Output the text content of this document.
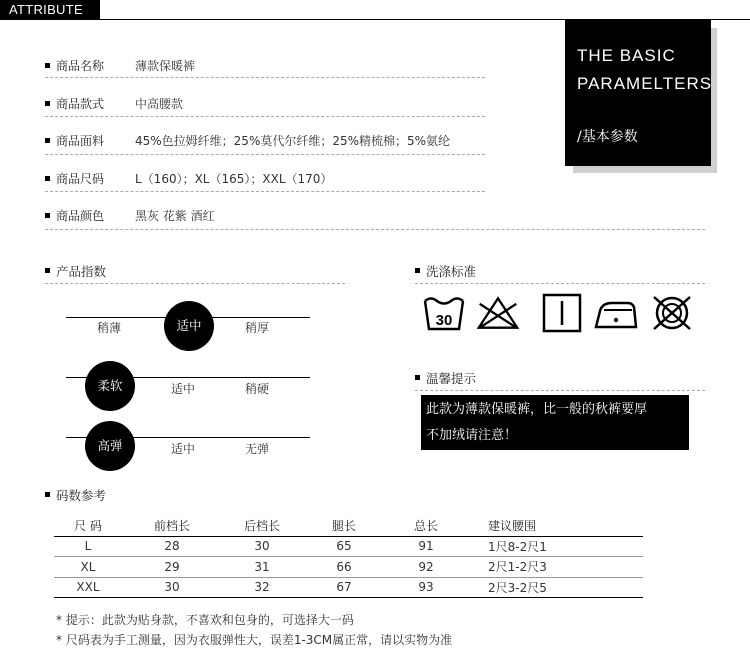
ATTRIBUTE
THE BASIC
PARAMELTERS
/基本参数
商品名称	薄款保暖裤
商品款式	中高腰款
商品面料	45%色拉姆纤维；25%莫代尔纤维；25%精梳棉；5%氨纶
商品尺码	L（160）；XL（165）；XXL（170）
商品颜色	黑灰 花紫 酒红
产品指数
稍薄	适中	稍厚
柔软	适中	稍硬
高弹	适中	无弹
洗涤标准
30
温馨提示
此款为薄款保暖裤，比一般的秋裤要厚
不加绒请注意！
码数参考
尺 码	前档长	后档长	腿长	总长	建议腰围
L	28	30	65	91	1尺8-2尺1
XL	29	31	66	92	2尺1-2尺3
XXL	30	32	67	93	2尺3-2尺5
* 提示：此款为贴身款，不喜欢和包身的，可选择大一码
* 尺码表为手工测量，因为衣服弹性大，误差1-3CM属正常，请以实物为准
